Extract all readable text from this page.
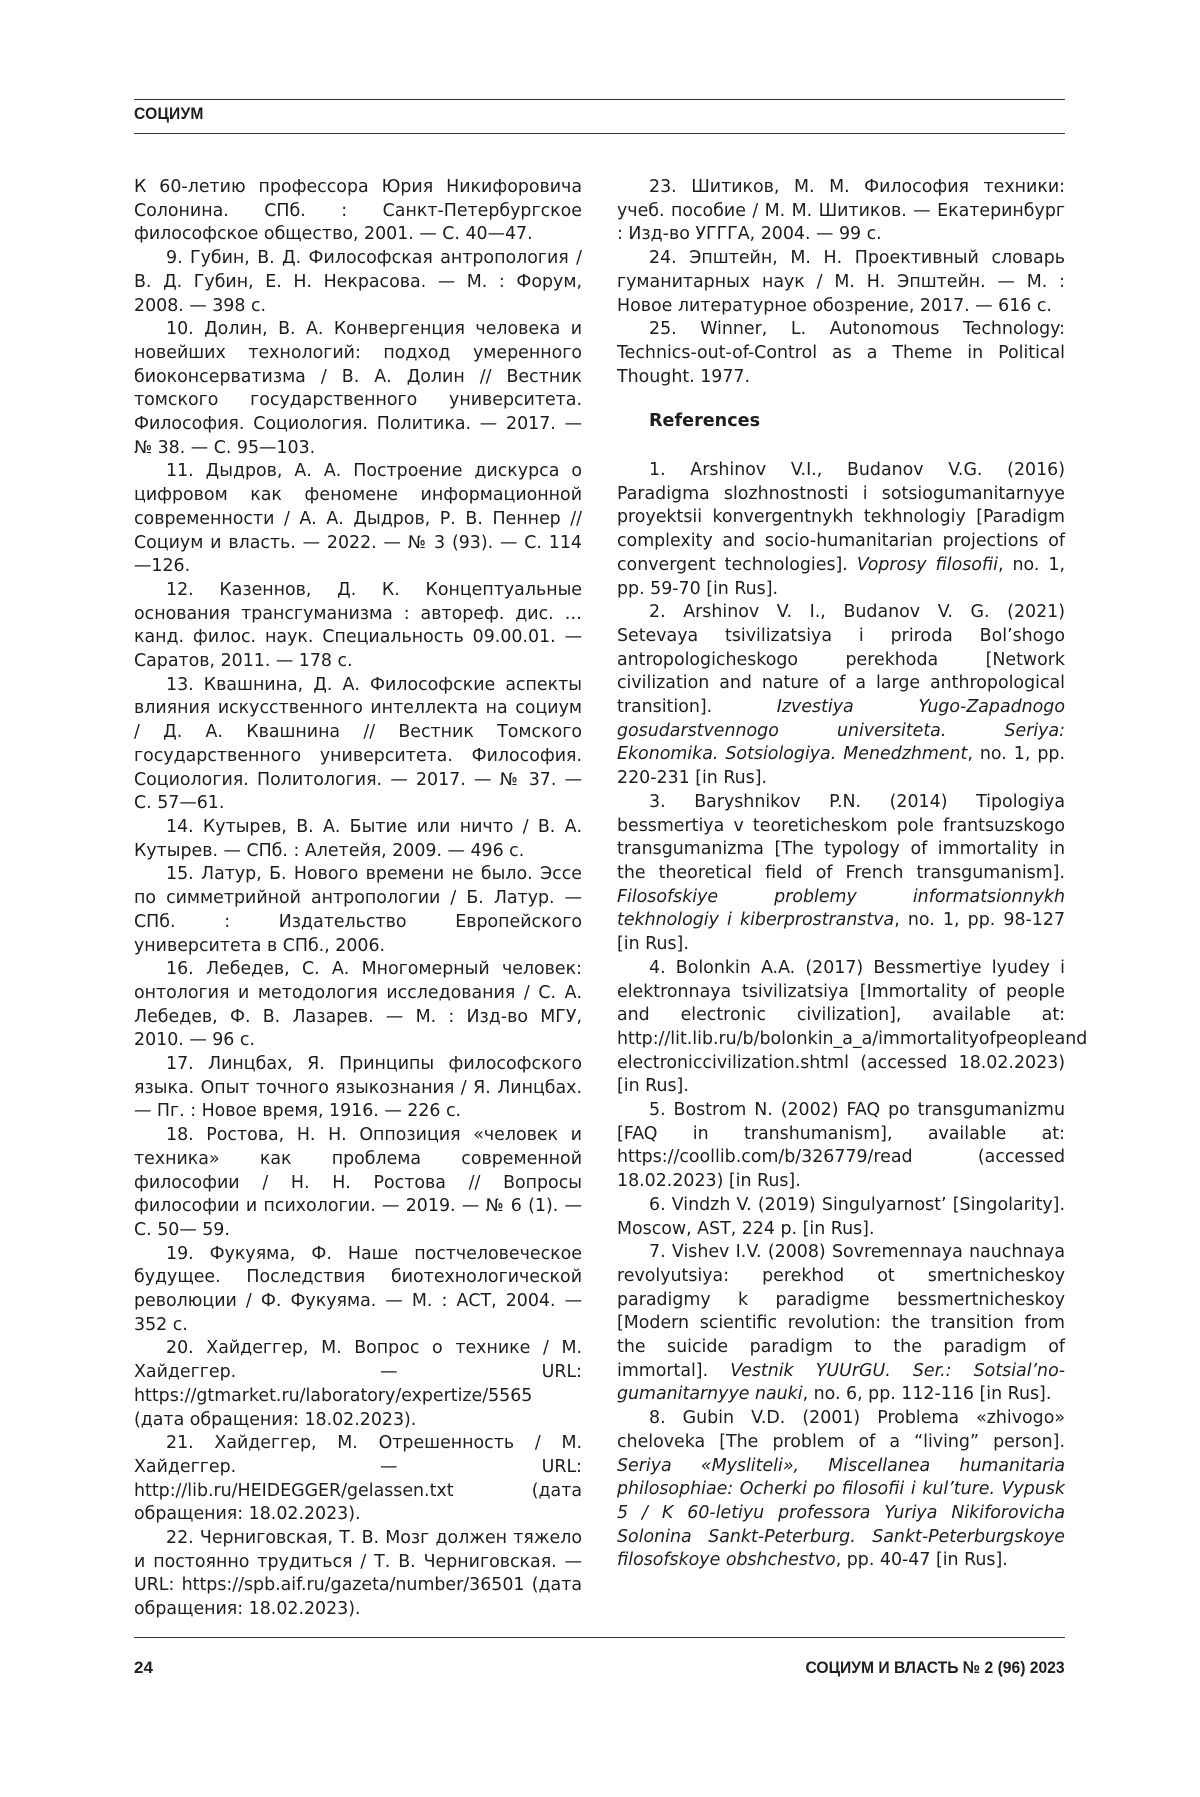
СОЦИУМ

К 60-летию профессора Юрия Никифоровича Солонина. СПб. : Санкт-Петербургское философское общество, 2001. — С. 40—47.

9. Губин, В. Д. Философская антропология / В. Д. Губин, Е. Н. Некрасова. — М. : Форум, 2008. — 398 с.

10. Долин, В. А. Конвергенция человека и новейших технологий: подход умеренного биоконсерватизма / В. А. Долин // Вестник томского государственного университета. Философия. Социология. Политика. — 2017. — № 38. — С. 95—103.

11. Дыдров, А. А. Построение дискурса о цифровом как феномене информационной современности / А. А. Дыдров, Р. В. Пеннер // Социум и власть. — 2022. — № 3 (93). — С. 114—126.

12. Казеннов, Д. К. Концептуальные основания трансгуманизма : автореф. дис. … канд. филос. наук. Специальность 09.00.01. — Саратов, 2011. — 178 с.

13. Квашнина, Д. А. Философские аспекты влияния искусственного интеллекта на социум / Д. А. Квашнина // Вестник Томского государственного университета. Философия. Социология. Политология. — 2017. — № 37. — С. 57—61.

14. Кутырев, В. А. Бытие или ничто / В. А. Кутырев. — СПб. : Алетейя, 2009. — 496 с.

15. Латур, Б. Нового времени не было. Эссе по симметрийной антропологии / Б. Латур. — СПб. : Издательство Европейского университета в СПб., 2006.

16. Лебедев, С. А. Многомерный человек: онтология и методология исследования / С. А. Лебедев, Ф. В. Лазарев. — М. : Изд-во МГУ, 2010. — 96 с.

17. Линцбах, Я. Принципы философского языка. Опыт точного языкознания / Я. Линцбах. — Пг. : Новое время, 1916. — 226 с.

18. Ростова, Н. Н. Оппозиция «человек и техника» как проблема современной философии / Н. Н. Ростова // Вопросы философии и психологии. — 2019. — № 6 (1). — С. 50— 59.

19. Фукуяма, Ф. Наше постчеловеческое будущее. Последствия биотехнологической революции / Ф. Фукуяма. — М. : АСТ, 2004. — 352 с.

20. Хайдеггер, М. Вопрос о технике / М. Хайдеггер. — URL: https://gtmarket.ru/laboratory/expertize/5565 (дата обращения: 18.02.2023).

21. Хайдеггер, М. Отрешенность / М. Хайдеггер. — URL: http://lib.ru/HEIDEGGER/gelassen.txt (дата обращения: 18.02.2023).

22. Черниговская, Т. В. Мозг должен тяжело и постоянно трудиться / Т. В. Черниговская. — URL: https://spb.aif.ru/gazeta/number/36501 (дата обращения: 18.02.2023).

23. Шитиков, М. М. Философия техники: учеб. пособие / М. М. Шитиков. — Екатеринбург : Изд-во УГГГА, 2004. — 99 с.

24. Эпштейн, М. Н. Проективный словарь гуманитарных наук / М. Н. Эпштейн. — М. : Новое литературное обозрение, 2017. — 616 с.

25. Winner, L. Autonomous Technology: Technics-out-of-Control as a Theme in Political Thought. 1977.

References

1. Arshinov V.I., Budanov V.G. (2016) Paradigma slozhnostnosti i sotsiogumanitarnyye proyektsii konvergentnykh tekhnologiy [Paradigm complexity and socio-humanitarian projections of convergent technologies]. Voprosy filosofii, no. 1, pp. 59-70 [in Rus].

2. Arshinov V. I., Budanov V. G. (2021) Setevaya tsivilizatsiya i priroda Bol’shogo antropologicheskogo perekhoda [Network civilization and nature of a large anthropological transition]. Izvestiya Yugo-Zapadnogo gosudarstvennogo universiteta. Seriya: Ekonomika. Sotsiologiya. Menedzhment, no. 1, pp. 220-231 [in Rus].

3. Baryshnikov P.N. (2014) Tipologiya bessmertiya v teoreticheskom pole frantsuzskogo transgumanizma [The typology of immortality in the theoretical field of French transgumanism]. Filosofskiye problemy informatsionnykh tekhnologiy i kiberprostranstva, no. 1, pp. 98-127 [in Rus].

4. Bolonkin A.A. (2017) Bessmertiye lyudey i elektronnaya tsivilizatsiya [Immortality of people and electronic civilization], available at: http://lit.lib.ru/b/bolonkin_a_a/immortalityofpeopleand electroniccivilization.shtml (accessed 18.02.2023) [in Rus].

5. Bostrom N. (2002) FAQ po transgumanizmu [FAQ in transhumanism], available at: https://coollib.com/b/326779/read (accessed 18.02.2023) [in Rus].

6. Vindzh V. (2019) Singulyarnost’ [Singolarity]. Moscow, AST, 224 p. [in Rus].

7. Vishev I.V. (2008) Sovremennaya nauchnaya revolyutsiya: perekhod ot smertnicheskoy paradigmy k paradigme bessmertnicheskoy [Modern scientific revolution: the transition from the suicide paradigm to the paradigm of immortal]. Vestnik YUUrGU. Ser.: Sotsial’no-gumanitarnyye nauki, no. 6, pp. 112-116 [in Rus].

8. Gubin V.D. (2001) Problema «zhivogo» cheloveka [The problem of a “living” person]. Seriya «Mysliteli», Miscellanea humanitaria philosophiae: Ocherki po filosofii i kul’ture. Vypusk 5 / K 60-letiyu professora Yuriya Nikiforovicha Solonina Sankt-Peterburg. Sankt-Peterburgskoye filosofskoye obshchestvo, pp. 40-47 [in Rus].

24	СОЦИУМ И ВЛАСТЬ № 2 (96) 2023
